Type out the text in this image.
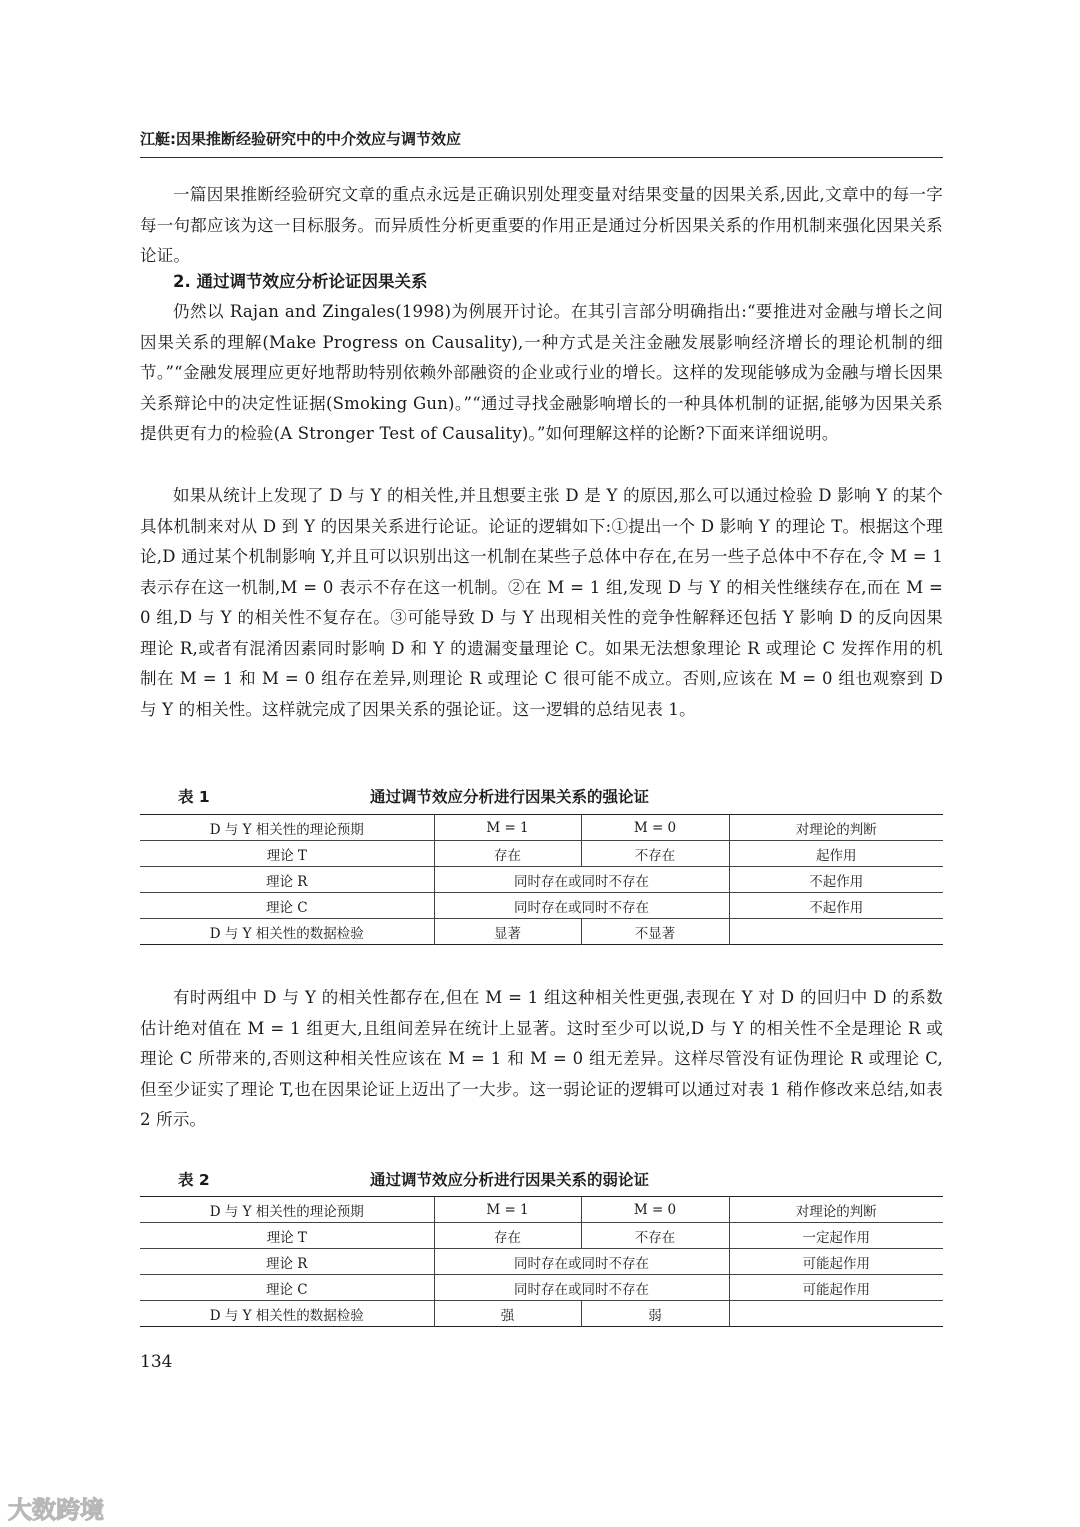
江艇:因果推断经验研究中的中介效应与调节效应

一篇因果推断经验研究文章的重点永远是正确识别处理变量对结果变量的因果关系,因此,文章中的每一字每一句都应该为这一目标服务。而异质性分析更重要的作用正是通过分析因果关系的作用机制来强化因果关系论证。

2. 通过调节效应分析论证因果关系

仍然以 Rajan and Zingales(1998)为例展开讨论。在其引言部分明确指出:“要推进对金融与增长之间因果关系的理解(Make Progress on Causality),一种方式是关注金融发展影响经济增长的理论机制的细节。”“金融发展理应更好地帮助特别依赖外部融资的企业或行业的增长。这样的发现能够成为金融与增长因果关系辩论中的决定性证据(Smoking Gun)。”“通过寻找金融影响增长的一种具体机制的证据,能够为因果关系提供更有力的检验(A Stronger Test of Causality)。”如何理解这样的论断?下面来详细说明。

如果从统计上发现了 D 与 Y 的相关性,并且想要主张 D 是 Y 的原因,那么可以通过检验 D 影响 Y 的某个具体机制来对从 D 到 Y 的因果关系进行论证。论证的逻辑如下:①提出一个 D 影响 Y 的理论 T。根据这个理论,D 通过某个机制影响 Y,并且可以识别出这一机制在某些子总体中存在,在另一些子总体中不存在,令 M = 1 表示存在这一机制,M = 0 表示不存在这一机制。②在 M = 1 组,发现 D 与 Y 的相关性继续存在,而在 M = 0 组,D 与 Y 的相关性不复存在。③可能导致 D 与 Y 出现相关性的竞争性解释还包括 Y 影响 D 的反向因果理论 R,或者有混淆因素同时影响 D 和 Y 的遗漏变量理论 C。如果无法想象理论 R 或理论 C 发挥作用的机制在 M = 1 和 M = 0 组存在差异,则理论 R 或理论 C 很可能不成立。否则,应该在 M = 0 组也观察到 D 与 Y 的相关性。这样就完成了因果关系的强论证。这一逻辑的总结见表 1。

表 1	通过调节效应分析进行因果关系的强论证
D 与 Y 相关性的理论预期	M = 1	M = 0	对理论的判断
理论 T	存在	不存在	起作用
理论 R	同时存在或同时不存在		不起作用
理论 C	同时存在或同时不存在		不起作用
D 与 Y 相关性的数据检验	显著	不显著	

有时两组中 D 与 Y 的相关性都存在,但在 M = 1 组这种相关性更强,表现在 Y 对 D 的回归中 D 的系数估计绝对值在 M = 1 组更大,且组间差异在统计上显著。这时至少可以说,D 与 Y 的相关性不全是理论 R 或理论 C 所带来的,否则这种相关性应该在 M = 1 和 M = 0 组无差异。这样尽管没有证伪理论 R 或理论 C,但至少证实了理论 T,也在因果论证上迈出了一大步。这一弱论证的逻辑可以通过对表 1 稍作修改来总结,如表 2 所示。

表 2	通过调节效应分析进行因果关系的弱论证
D 与 Y 相关性的理论预期	M = 1	M = 0	对理论的判断
理论 T	存在	不存在	一定起作用
理论 R	同时存在或同时不存在		可能起作用
理论 C	同时存在或同时不存在		可能起作用
D 与 Y 相关性的数据检验	强	弱	
134
大数跨境
